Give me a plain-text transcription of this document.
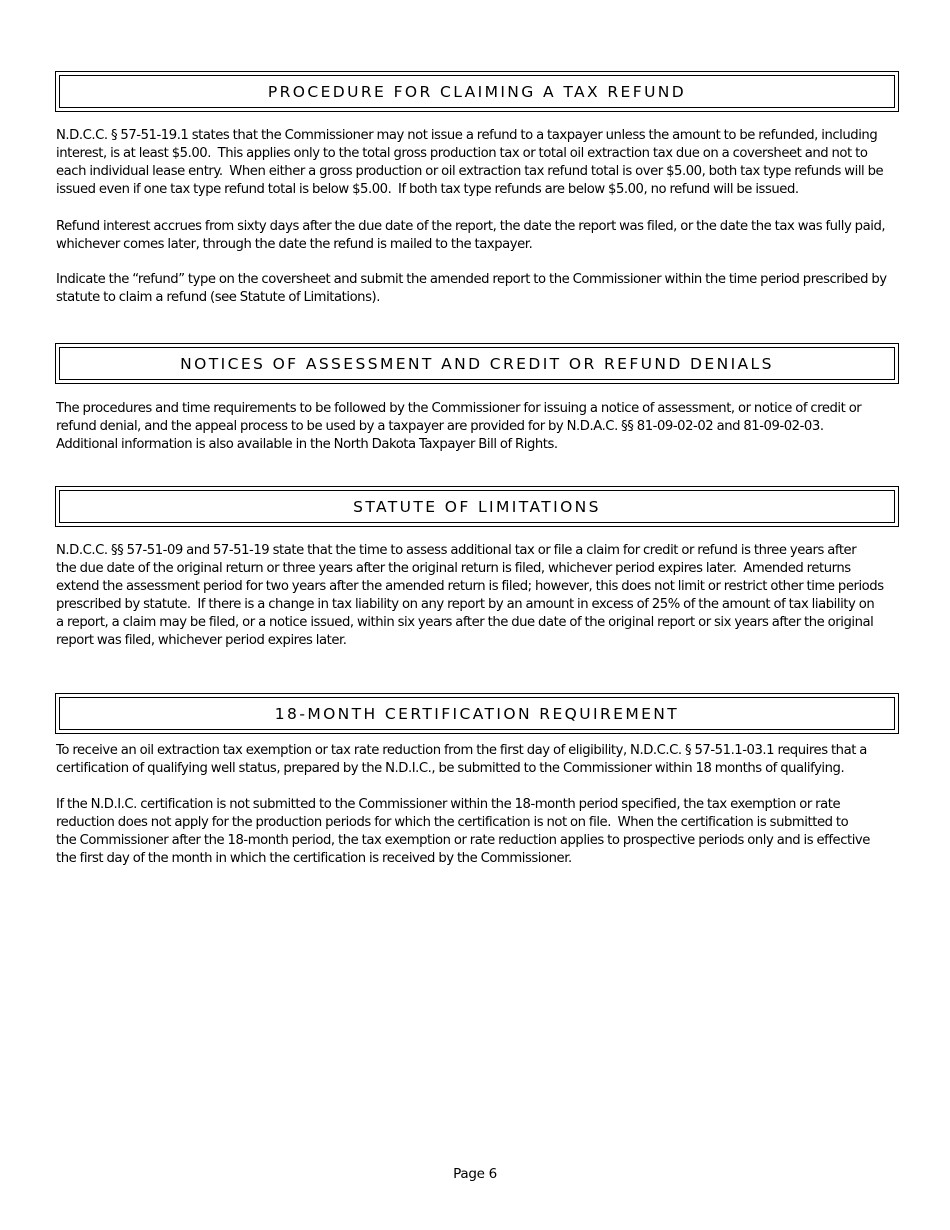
PROCEDURE FOR CLAIMING A TAX REFUND

N.D.C.C. § 57-51-19.1 states that the Commissioner may not issue a refund to a taxpayer unless the amount to be refunded, including
interest, is at least $5.00.  This applies only to the total gross production tax or total oil extraction tax due on a coversheet and not to
each individual lease entry.  When either a gross production or oil extraction tax refund total is over $5.00, both tax type refunds will be
issued even if one tax type refund total is below $5.00.  If both tax type refunds are below $5.00, no refund will be issued.

Refund interest accrues from sixty days after the due date of the report, the date the report was filed, or the date the tax was fully paid,
whichever comes later, through the date the refund is mailed to the taxpayer.

Indicate the “refund” type on the coversheet and submit the amended report to the Commissioner within the time period prescribed by
statute to claim a refund (see Statute of Limitations).

NOTICES OF ASSESSMENT AND CREDIT OR REFUND DENIALS

The procedures and time requirements to be followed by the Commissioner for issuing a notice of assessment, or notice of credit or
refund denial, and the appeal process to be used by a taxpayer are provided for by N.D.A.C. §§ 81-09-02-02 and 81-09-02-03.
Additional information is also available in the North Dakota Taxpayer Bill of Rights.

STATUTE OF LIMITATIONS

N.D.C.C. §§ 57-51-09 and 57-51-19 state that the time to assess additional tax or file a claim for credit or refund is three years after
the due date of the original return or three years after the original return is filed, whichever period expires later.  Amended returns
extend the assessment period for two years after the amended return is filed; however, this does not limit or restrict other time periods
prescribed by statute.  If there is a change in tax liability on any report by an amount in excess of 25% of the amount of tax liability on
a report, a claim may be filed, or a notice issued, within six years after the due date of the original report or six years after the original
report was filed, whichever period expires later.

18-MONTH CERTIFICATION REQUIREMENT

To receive an oil extraction tax exemption or tax rate reduction from the first day of eligibility, N.D.C.C. § 57-51.1-03.1 requires that a
certification of qualifying well status, prepared by the N.D.I.C., be submitted to the Commissioner within 18 months of qualifying.

If the N.D.I.C. certification is not submitted to the Commissioner within the 18-month period specified, the tax exemption or rate
reduction does not apply for the production periods for which the certification is not on file.  When the certification is submitted to
the Commissioner after the 18-month period, the tax exemption or rate reduction applies to prospective periods only and is effective
the first day of the month in which the certification is received by the Commissioner.

Page 6
